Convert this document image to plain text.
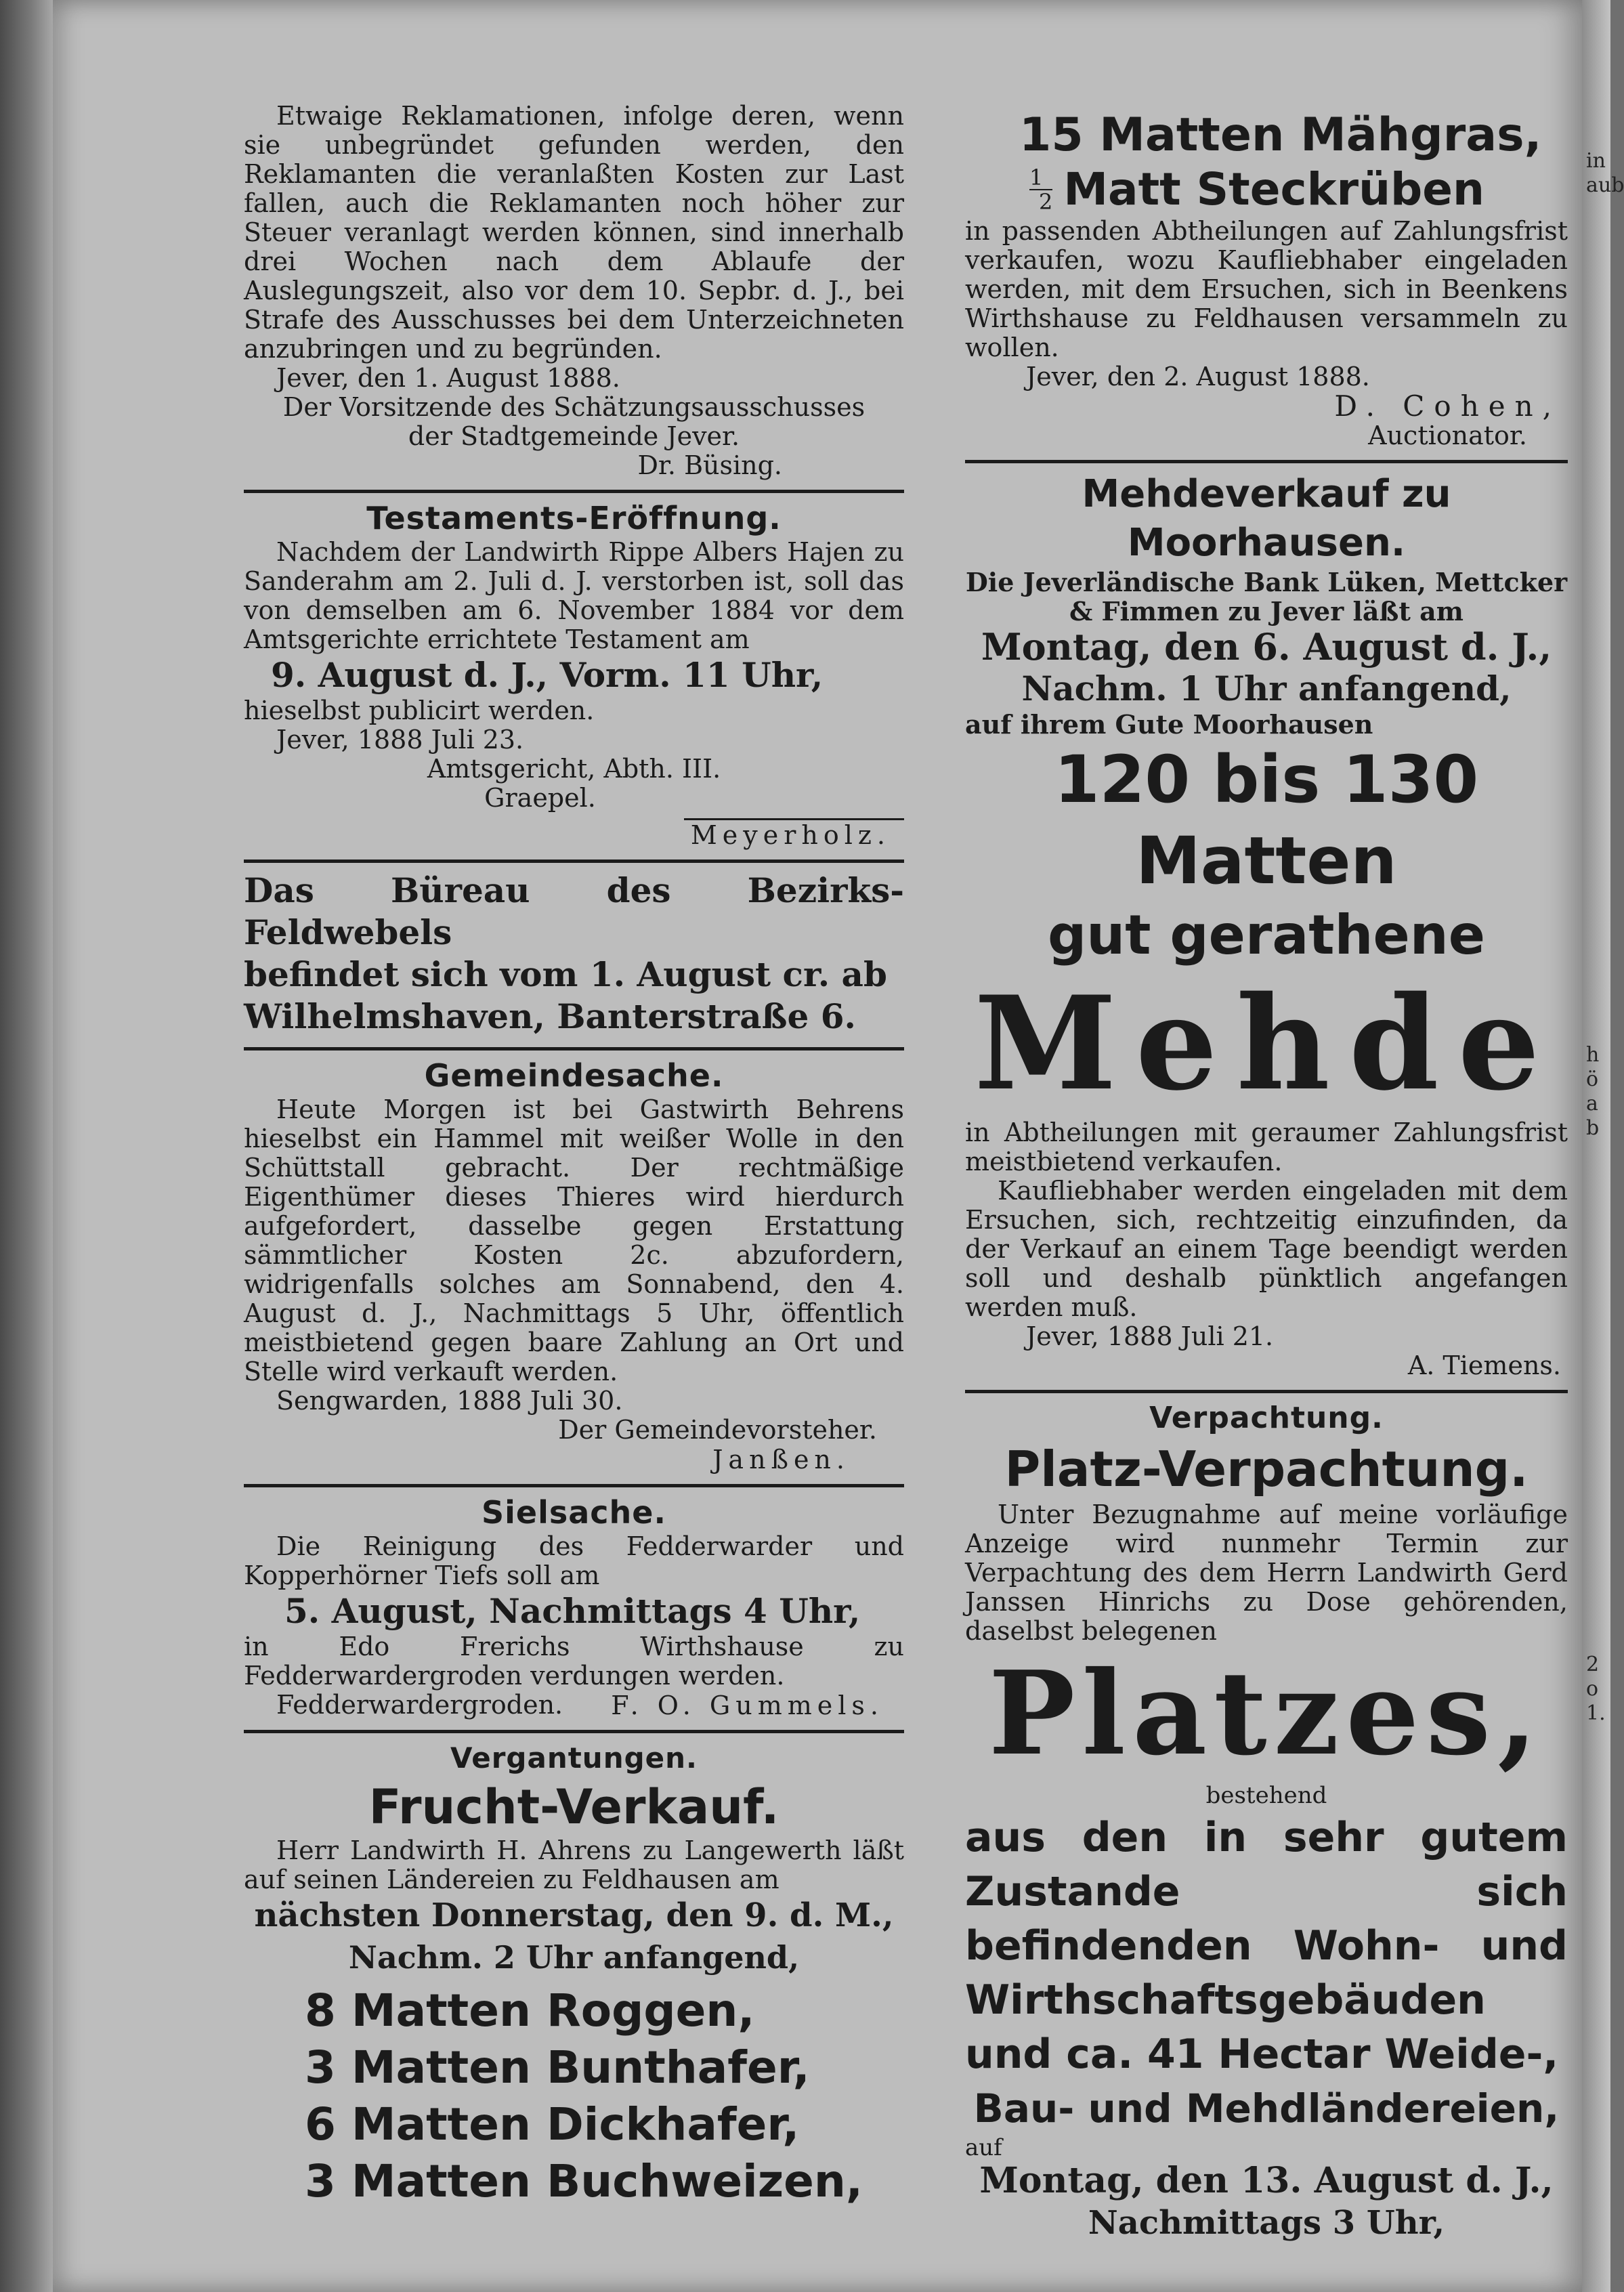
Etwaige Reklamationen, infolge deren, wenn sie unbegründet gefunden werden, den Reklamanten die veranlaßten Kosten zur Last fallen, auch die Reklamanten noch höher zur Steuer veranlagt werden können, sind innerhalb drei Wochen nach dem Ablaufe der Auslegungszeit, also vor dem 10. Sepbr. d. J., bei Strafe des Ausschusses bei dem Unterzeichneten anzubringen und zu begründen.

Jever, den 1. August 1888.

Der Vorsitzende des Schätzungsausschusses

der Stadtgemeinde Jever.

Dr. Büsing.

Testaments-Eröffnung.

Nachdem der Landwirth Rippe Albers Hajen zu Sanderahm am 2. Juli d. J. verstorben ist, soll das von demselben am 6. November 1884 vor dem Amtsgerichte errichtete Testament am

9. August d. J., Vorm. 11 Uhr,

hieselbst publicirt werden.

Jever, 1888 Juli 23.

Amtsgericht, Abth. III.

Graepel.

Meyerholz.

Das Büreau des Bezirks-Feldwebels

befindet sich vom 1. August cr. ab

Wilhelmshaven, Banterstraße 6.

Gemeindesache.

Heute Morgen ist bei Gastwirth Behrens hieselbst ein Hammel mit weißer Wolle in den Schüttstall gebracht. Der rechtmäßige Eigenthümer dieses Thieres wird hierdurch aufgefordert, dasselbe gegen Erstattung sämmtlicher Kosten 2c. abzufordern, widrigenfalls solches am Sonnabend, den 4. August d. J., Nachmittags 5 Uhr, öffentlich meistbietend gegen baare Zahlung an Ort und Stelle wird verkauft werden.

Sengwarden, 1888 Juli 30.

Der Gemeindevorsteher.

Janßen.

Sielsache.

Die Reinigung des Fedderwarder und Kopperhörner Tiefs soll am

5. August, Nachmittags 4 Uhr,

in Edo Frerichs Wirthshause zu Fedderwardergroden verdungen werden.

Fedderwardergroden. F. O. Gummels.

Vergantungen.

Frucht-Verkauf.

Herr Landwirth H. Ahrens zu Langewerth läßt auf seinen Ländereien zu Feldhausen am

nächsten Donnerstag, den 9. d. M.,

Nachm. 2 Uhr anfangend,

8 Matten Roggen,

3 Matten Bunthafer,

6 Matten Dickhafer,

3 Matten Buchweizen,

15 Matten Mähgras,

$\frac{1}{2}$ Matt Steckrüben

in passenden Abtheilungen auf Zahlungsfrist verkaufen, wozu Kaufliebhaber eingeladen werden, mit dem Ersuchen, sich in Beenkens Wirthshause zu Feldhausen versammeln zu wollen.

Jever, den 2. August 1888.

D. Cohen,

Auctionator.

Mehdeverkauf zu Moorhausen.

Die Jeverländische Bank Lüken, Mettcker & Fimmen zu Jever läßt am

Montag, den 6. August d. J.,

Nachm. 1 Uhr anfangend,

auf ihrem Gute Moorhausen

120 bis 130 Matten

gut gerathene

Mehde

in Abtheilungen mit geraumer Zahlungsfrist meistbietend verkaufen.

Kaufliebhaber werden eingeladen mit dem Ersuchen, sich, rechtzeitig einzufinden, da der Verkauf an einem Tage beendigt werden soll und deshalb pünktlich angefangen werden muß.

Jever, 1888 Juli 21.

A. Tiemens.

Verpachtung.

Platz-Verpachtung.

Unter Bezugnahme auf meine vorläufige Anzeige wird nunmehr Termin zur Verpachtung des dem Herrn Landwirth Gerd Janssen Hinrichs zu Dose gehörenden, daselbst belegenen

Platzes,

bestehend

aus den in sehr gutem Zustande sich befindenden Wohn- und Wirthschaftsgebäuden und ca. 41 Hectar Weide-,

Bau- und Mehdländereien,

auf

Montag, den 13. August d. J.,

Nachmittags 3 Uhr,

in
aub
h
ö
a
b
2
o
1.
